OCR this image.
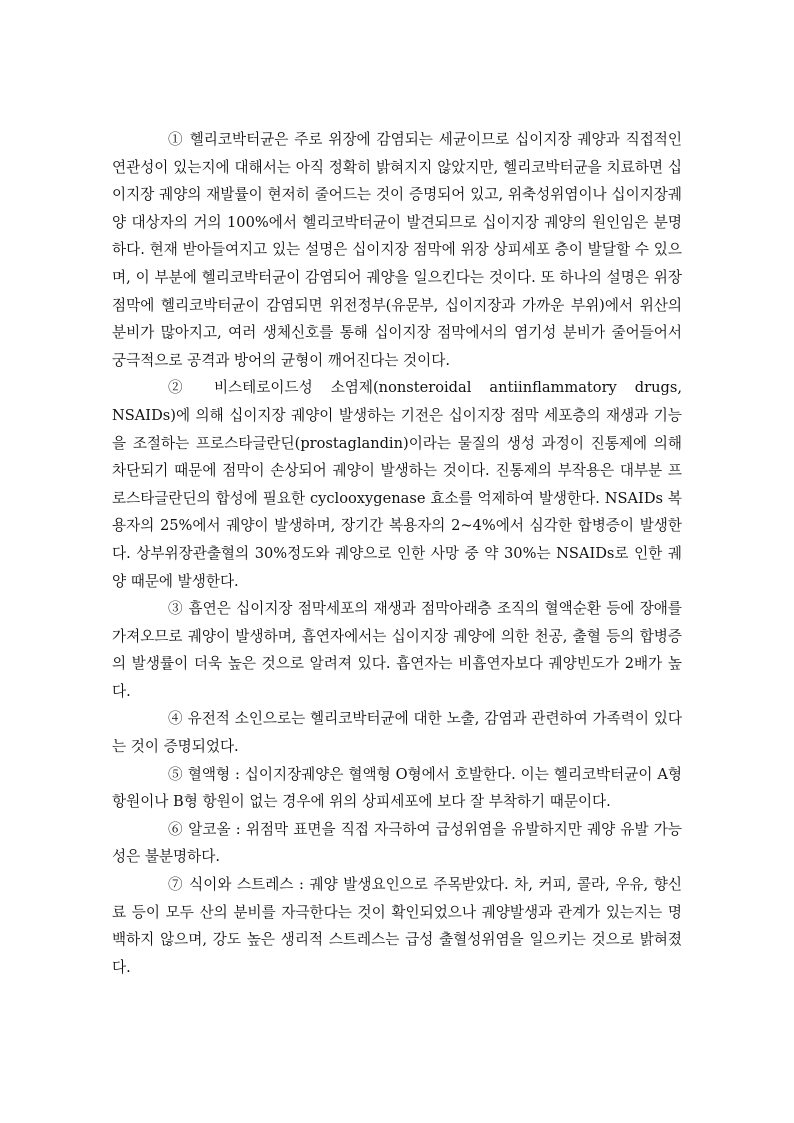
① 헬리코박터균은 주로 위장에 감염되는 세균이므로 십이지장 궤양과 직접적인 연관성이 있는지에 대해서는 아직 정확히 밝혀지지 않았지만, 헬리코박터균을 치료하면 십이지장 궤양의 재발률이 현저히 줄어드는 것이 증명되어 있고, 위축성위염이나 십이지장궤양 대상자의 거의 100%에서 헬리코박터균이 발견되므로 십이지장 궤양의 원인임은 분명하다. 현재 받아들여지고 있는 설명은 십이지장 점막에 위장 상피세포 층이 발달할 수 있으며, 이 부분에 헬리코박터균이 감염되어 궤양을 일으킨다는 것이다. 또 하나의 설명은 위장 점막에 헬리코박터균이 감염되면 위전정부(유문부, 십이지장과 가까운 부위)에서 위산의 분비가 많아지고, 여러 생체신호를 통해 십이지장 점막에서의 염기성 분비가 줄어들어서 궁극적으로 공격과 방어의 균형이 깨어진다는 것이다.

② 비스테로이드성 소염제(nonsteroidal antiinflammatory drugs, NSAIDs)에 의해 십이지장 궤양이 발생하는 기전은 십이지장 점막 세포층의 재생과 기능을 조절하는 프로스타글란딘(prostaglandin)이라는 물질의 생성 과정이 진통제에 의해 차단되기 때문에 점막이 손상되어 궤양이 발생하는 것이다. 진통제의 부작용은 대부분 프로스타글란딘의 합성에 필요한 cyclooxygenase 효소를 억제하여 발생한다. NSAIDs 복용자의 25%에서 궤양이 발생하며, 장기간 복용자의 2~4%에서 심각한 합병증이 발생한다. 상부위장관출혈의 30%정도와 궤양으로 인한 사망 중 약 30%는 NSAIDs로 인한 궤양 때문에 발생한다.

③ 흡연은 십이지장 점막세포의 재생과 점막아래층 조직의 혈액순환 등에 장애를 가져오므로 궤양이 발생하며, 흡연자에서는 십이지장 궤양에 의한 천공, 출혈 등의 합병증의 발생률이 더욱 높은 것으로 알려져 있다. 흡연자는 비흡연자보다 궤양빈도가 2배가 높다.

④ 유전적 소인으로는 헬리코박터균에 대한 노출, 감염과 관련하여 가족력이 있다는 것이 증명되었다.

⑤ 혈액형 : 십이지장궤양은 혈액형 O형에서 호발한다. 이는 헬리코박터균이 A형 항원이나 B형 항원이 없는 경우에 위의 상피세포에 보다 잘 부착하기 때문이다.

⑥ 알코올 : 위점막 표면을 직접 자극하여 급성위염을 유발하지만 궤양 유발 가능성은 불분명하다.

⑦ 식이와 스트레스 : 궤양 발생요인으로 주목받았다. 차, 커피, 콜라, 우유, 향신료 등이 모두 산의 분비를 자극한다는 것이 확인되었으나 궤양발생과 관계가 있는지는 명백하지 않으며, 강도 높은 생리적 스트레스는 급성 출혈성위염을 일으키는 것으로 밝혀졌다.
